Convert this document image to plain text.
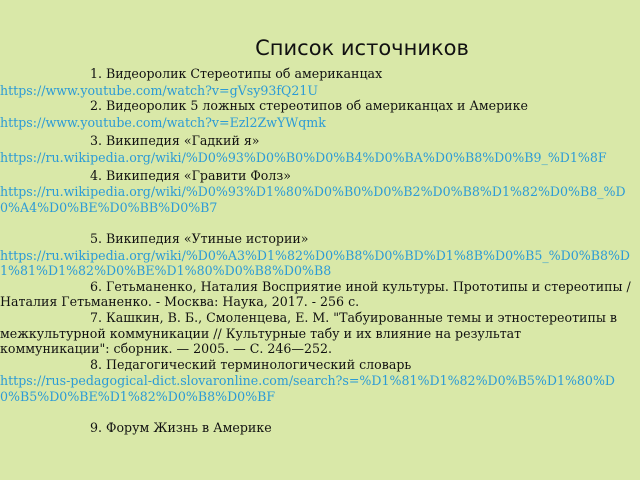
Список источников

1. Видеоролик Стереотипы об американцах
https://www.youtube.com/watch?v=gVsy93fQ21U

2. Видеоролик 5 ложных стереотипов об американцах и Америке
https://www.youtube.com/watch?v=Ezl2ZwYWqmk

3. Википедия «Гадкий я»
https://ru.wikipedia.org/wiki/%D0%93%D0%B0%D0%B4%D0%BA%D0%B8%D0%B9_%D1%8F

4. Википедия «Гравити Фолз»
https://ru.wikipedia.org/wiki/%D0%93%D1%80%D0%B0%D0%B2%D0%B8%D1%82%D0%B8_%D0%A4%D0%BE%D0%BB%D0%B7

5. Википедия «Утиные истории»
https://ru.wikipedia.org/wiki/%D0%A3%D1%82%D0%B8%D0%BD%D1%8B%D0%B5_%D0%B8%D1%81%D1%82%D0%BE%D1%80%D0%B8%D0%B8

6. Гетьманенко, Наталия Восприятие иной культуры. Прототипы и стереотипы / Наталия Гетьманенко. - Москва: Наука, 2017. - 256 c.

7. Кашкин, В. Б., Смоленцева, Е. М. "Табуированные темы и этностереотипы в межкультурной коммуникации // Культурные табу и их влияние на результат коммуникации": сборник. — 2005. — С. 246—252.

8. Педагогический терминологический словарь
https://rus-pedagogical-dict.slovaronline.com/search?s=%D1%81%D1%82%D0%B5%D1%80%D0%B5%D0%BE%D1%82%D0%B8%D0%BF

9. Форум Жизнь в Америке
